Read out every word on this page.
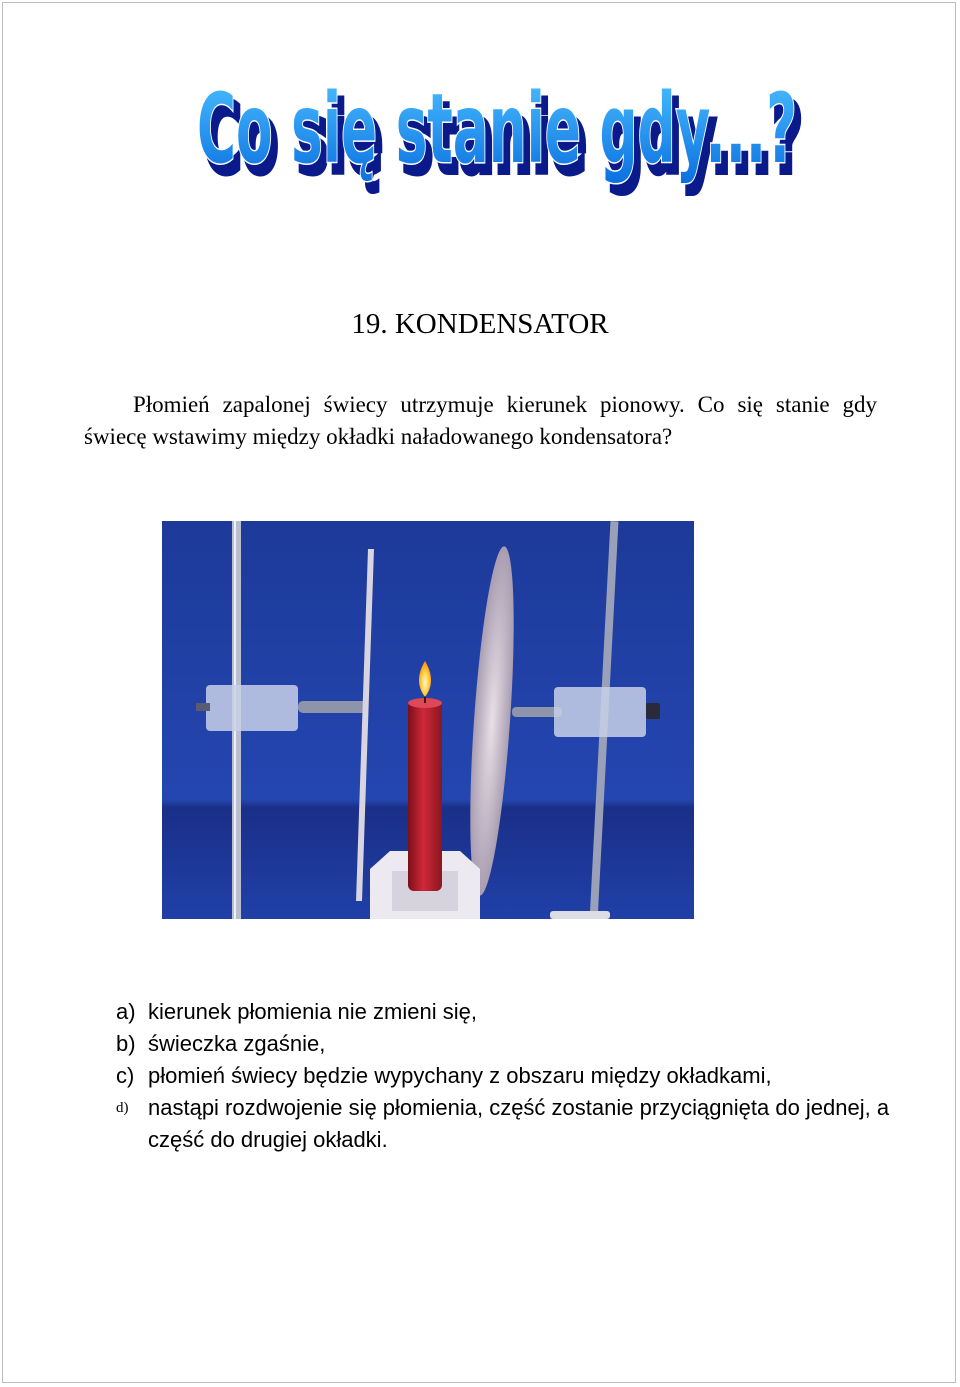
Co się stanie gdy...?
Co się stanie gdy...?
19. KONDENSATOR

Płomień zapalonej świecy utrzymuje kierunek pionowy. Co się stanie gdy świecę wstawimy między okładki naładowanego kondensatora?

a) kierunek płomienia nie zmieni się,
b) świeczka zgaśnie,
c) płomień świecy będzie wypychany z obszaru między okładkami,
d) nastąpi rozdwojenie się płomienia, część zostanie przyciągnięta do jednej, a część do drugiej okładki.
